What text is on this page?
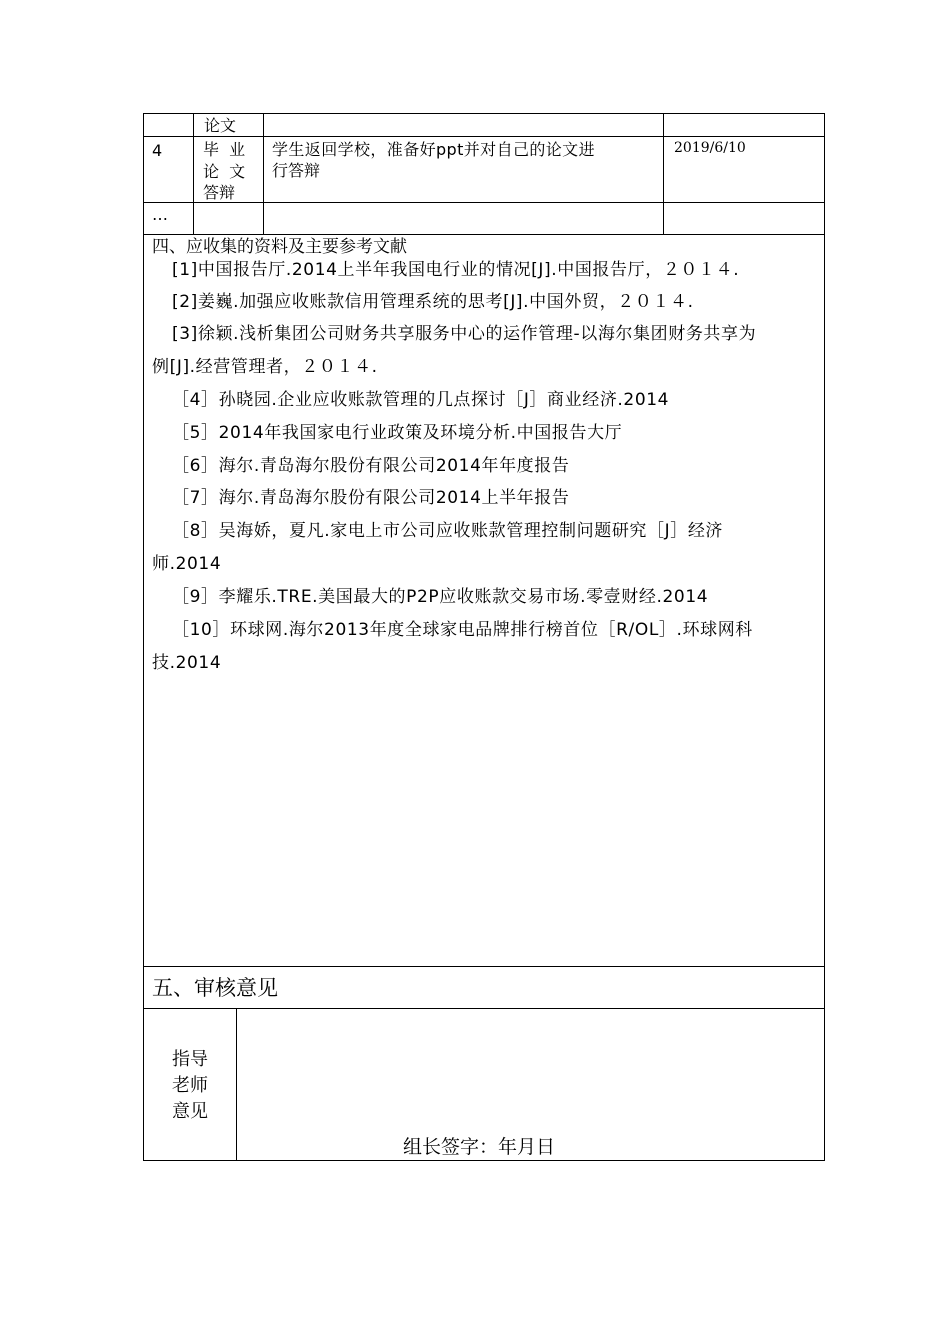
论文
4	毕  业
论  文
答辩
学生返回学校，准备好ppt并对自己的论文进
行答辩
2019/6/10
…
四、应收集的资料及主要参考文献
[1]中国报告厅.2014上半年我国电行业的情况[J].中国报告厅，２０１４.
[2]姜巍.加强应收账款信用管理系统的思考[J].中国外贸，２０１４.
[3]徐颖.浅析集团公司财务共享服务中心的运作管理-以海尔集团财务共享为
例[J].经营管理者，２０１４.
［4］孙晓园.企业应收账款管理的几点探讨［J］商业经济.2014
［5］2014年我国家电行业政策及环境分析.中国报告大厅
［6］海尔.青岛海尔股份有限公司2014年年度报告
［7］海尔.青岛海尔股份有限公司2014上半年报告
［8］吴海娇，夏凡.家电上市公司应收账款管理控制问题研究［J］经济
师.2014
［9］李耀乐.TRE.美国最大的P2P应收账款交易市场.零壹财经.2014
［10］环球网.海尔2013年度全球家电品牌排行榜首位［R/OL］.环球网科
技.2014
五、审核意见
指导
老师
意见
组长签字：年月日
